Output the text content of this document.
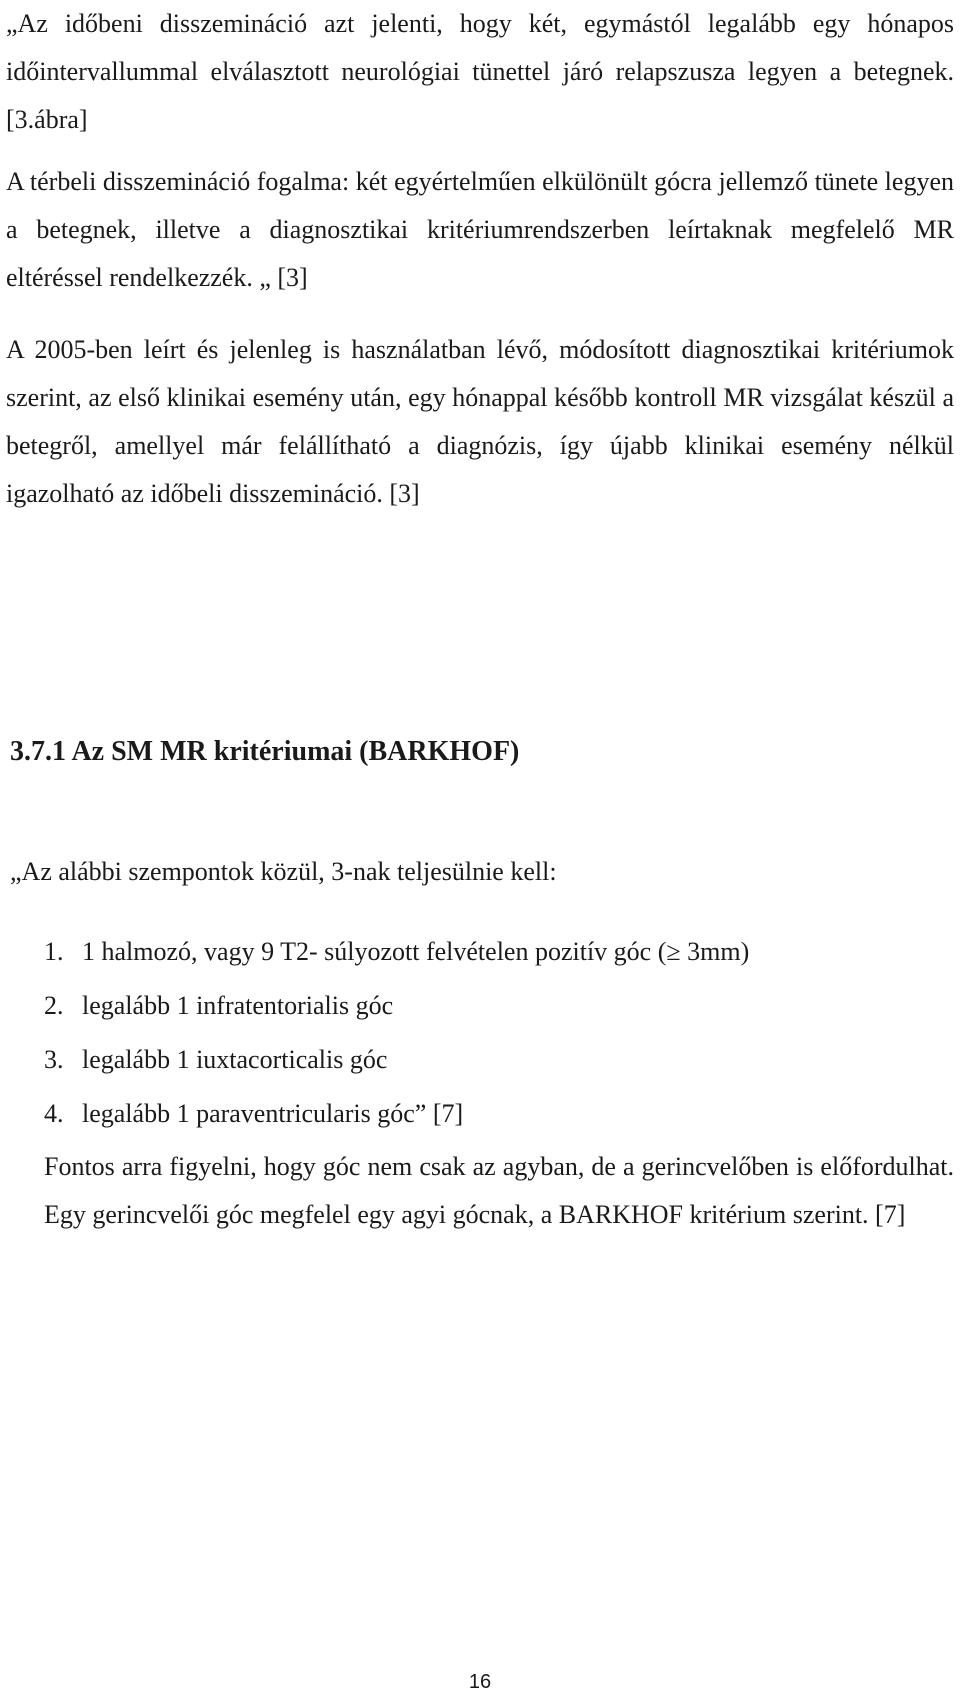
„Az időbeni disszemináció azt jelenti, hogy két, egymástól legalább egy hónapos időintervallummal elválasztott neurológiai tünettel járó relapszusza legyen a betegnek. [3.ábra]

A térbeli disszemináció fogalma: két egyértelműen elkülönült gócra jellemző tünete legyen a betegnek, illetve a diagnosztikai kritériumrendszerben leírtaknak megfelelő MR eltéréssel rendelkezzék. „ [3]

A 2005-ben leírt és jelenleg is használatban lévő, módosított diagnosztikai kritériumok szerint, az első klinikai esemény után, egy hónappal később kontroll MR vizsgálat készül a betegről, amellyel már felállítható a diagnózis, így újabb klinikai esemény nélkül igazolható az időbeli disszemináció. [3]

3.7.1 Az SM MR kritériumai (BARKHOF)

„Az alábbi szempontok közül, 3-nak teljesülnie kell:

1. 1 halmozó, vagy 9 T2- súlyozott felvételen pozitív góc (≥ 3mm)
2. legalább 1 infratentorialis góc
3. legalább 1 iuxtacorticalis góc
4. legalább 1 paraventricularis góc” [7]

Fontos arra figyelni, hogy góc nem csak az agyban, de a gerincvelőben is előfordulhat. Egy gerincvelői góc megfelel egy agyi gócnak, a BARKHOF kritérium szerint. [7]

16
